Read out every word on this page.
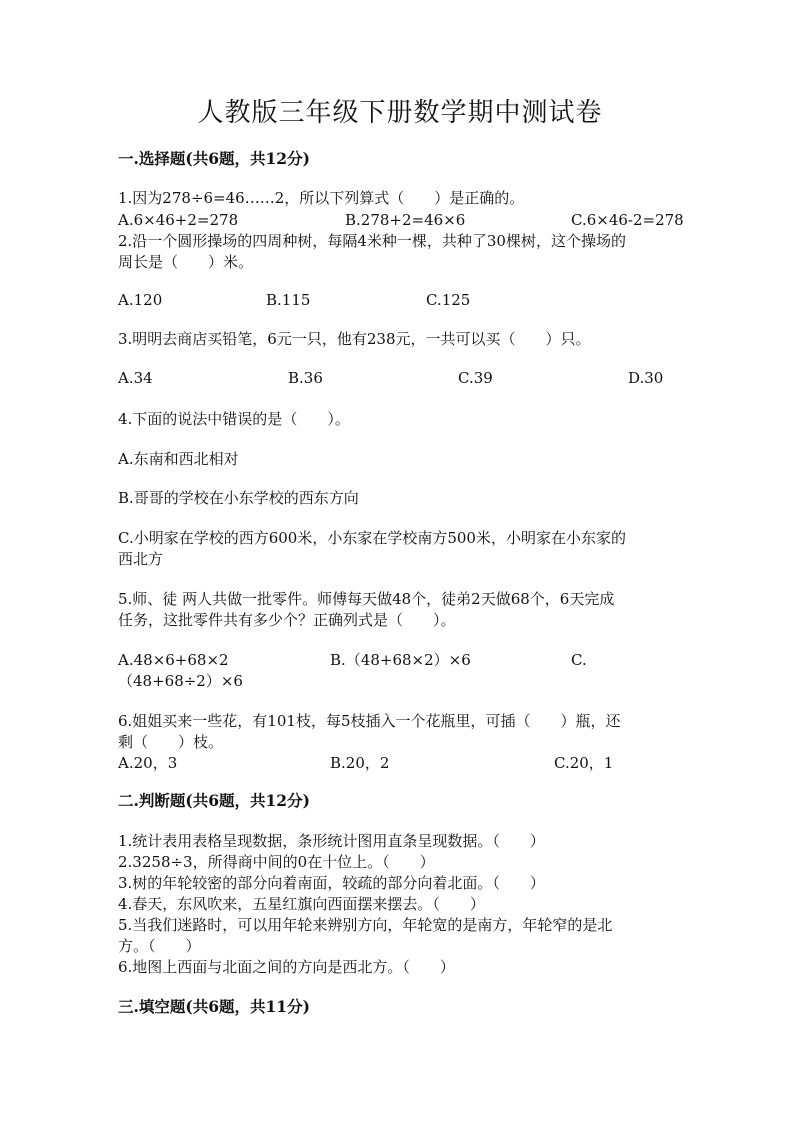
人教版三年级下册数学期中测试卷
一.选择题(共6题，共12分)
1.因为278÷6=46……2，所以下列算式（　　）是正确的。
A.6×46+2=278	B.278+2=46×6	C.6×46-2=278
2.沿一个圆形操场的四周种树，每隔4米种一棵，共种了30棵树，这个操场的
周长是（　　）米。
A.120	B.115	C.125
3.明明去商店买铅笔，6元一只，他有238元，一共可以买（　　）只。
A.34	B.36	C.39	D.30
4.下面的说法中错误的是（　　）。
A.东南和西北相对
B.哥哥的学校在小东学校的西东方向
C.小明家在学校的西方600米，小东家在学校南方500米，小明家在小东家的
西北方
5.师、徒 两人共做一批零件。师傅每天做48个，徒弟2天做68个，6天完成
任务，这批零件共有多少个？正确列式是（　　）。
A.48×6+68×2	B.（48+68×2）×6	C.
（48+68÷2）×6
6.姐姐买来一些花，有101枝，每5枝插入一个花瓶里，可插（　　）瓶，还
剩（　　）枝。
A.20，3	B.20，2	C.20，1
二.判断题(共6题，共12分)
1.统计表用表格呈现数据，条形统计图用直条呈现数据。（　　）
2.3258÷3，所得商中间的0在十位上。（　　）
3.树的年轮较密的部分向着南面，较疏的部分向着北面。（　　）
4.春天，东风吹来，五星红旗向西面摆来摆去。（　　）
5.当我们迷路时，可以用年轮来辨别方向，年轮宽的是南方，年轮窄的是北
方。（　　）
6.地图上西面与北面之间的方向是西北方。（　　）
三.填空题(共6题，共11分)
